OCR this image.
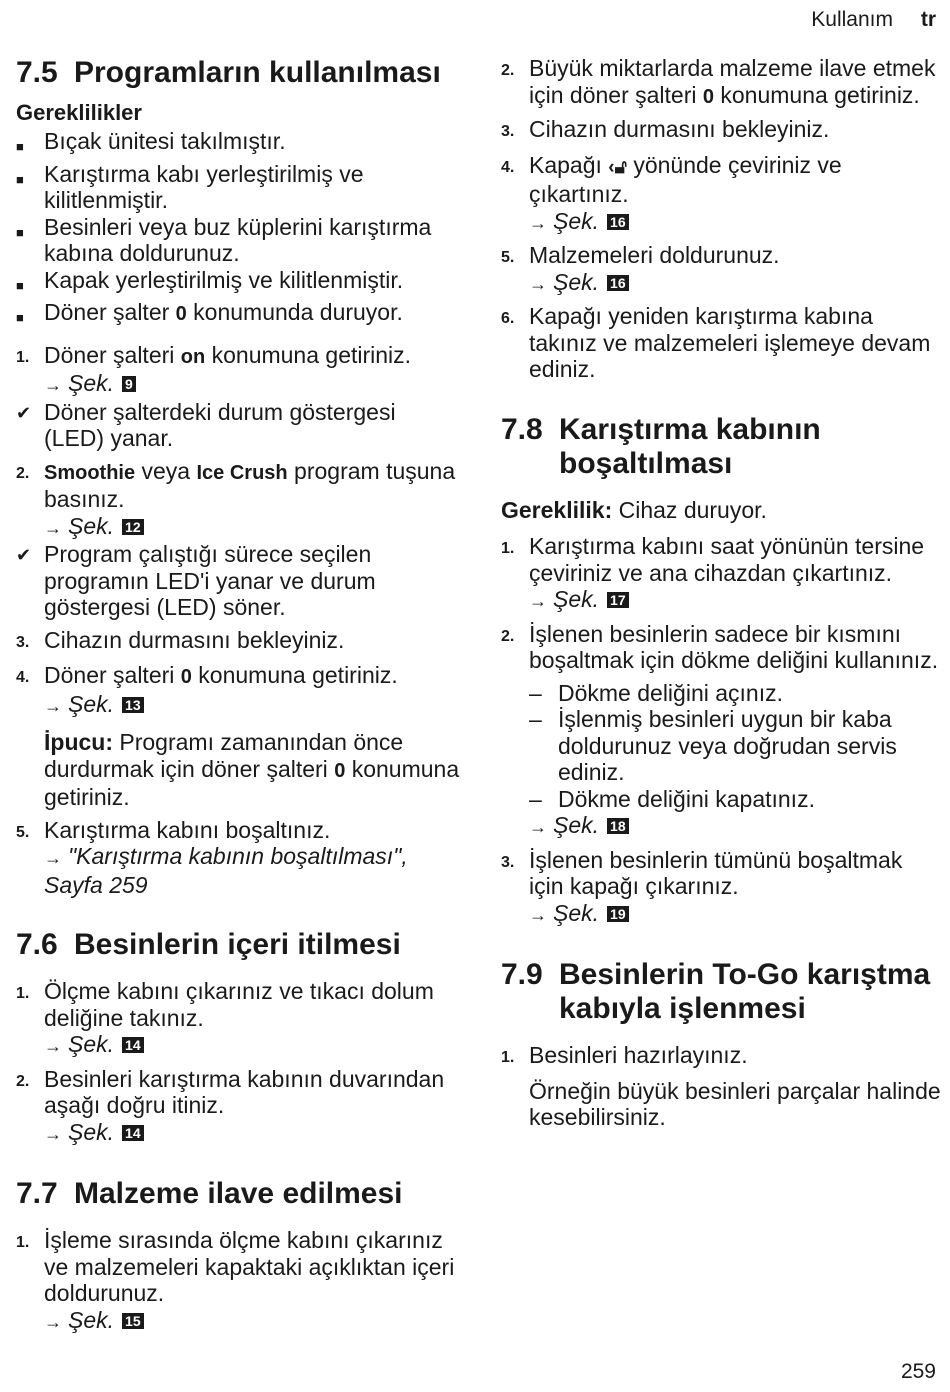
Kullanım tr
7.5 Programların kullanılması
Gereklilikler
■ Bıçak ünitesi takılmıştır.
■ Karıştırma kabı yerleştirilmiş ve kilitlenmiştir.
■ Besinleri veya buz küplerini karıştırma kabına doldurunuz.
■ Kapak yerleştirilmiş ve kilitlenmiştir.
■ Döner şalter 0 konumunda duruyor.
1. Döner şalteri on konumuna getiriniz.
→ Şek. 9
✔ Döner şalterdeki durum göstergesi (LED) yanar.
2. Smoothie veya Ice Crush program tuşuna basınız.
→ Şek. 12
✔ Program çalıştığı sürece seçilen programın LED'i yanar ve durum göstergesi (LED) söner.
3. Cihazın durmasını bekleyiniz.
4. Döner şalteri 0 konumuna getiriniz.
→ Şek. 13
İpucu: Programı zamanından önce durdurmak için döner şalteri 0 konumuna getiriniz.
5. Karıştırma kabını boşaltınız.
→ "Karıştırma kabının boşaltılması", Sayfa 259
7.6 Besinlerin içeri itilmesi
1. Ölçme kabını çıkarınız ve tıkacı dolum deliğine takınız.
→ Şek. 14
2. Besinleri karıştırma kabının duvarından aşağı doğru itiniz.
→ Şek. 14
7.7 Malzeme ilave edilmesi
1. İşleme sırasında ölçme kabını çıkarınız ve malzemeleri kapaktaki açıklıktan içeri doldurunuz.
→ Şek. 15
2. Büyük miktarlarda malzeme ilave etmek için döner şalteri 0 konumuna getiriniz.
3. Cihazın durmasını bekleyiniz.
4. Kapağı ‹🔓︎ yönünde çeviriniz ve çıkartınız.
→ Şek. 16
5. Malzemeleri doldurunuz.
→ Şek. 16
6. Kapağı yeniden karıştırma kabına takınız ve malzemeleri işlemeye devam ediniz.
7.8 Karıştırma kabının boşaltılması
Gereklilik: Cihaz duruyor.
1. Karıştırma kabını saat yönünün tersine çeviriniz ve ana cihazdan çıkartınız.
→ Şek. 17
2. İşlenen besinlerin sadece bir kısmını boşaltmak için dökme deliğini kullanınız.
– Dökme deliğini açınız.
– İşlenmiş besinleri uygun bir kaba doldurunuz veya doğrudan servis ediniz.
– Dökme deliğini kapatınız.
→ Şek. 18
3. İşlenen besinlerin tümünü boşaltmak için kapağı çıkarınız.
→ Şek. 19
7.9 Besinlerin To-Go karıştma kabıyla işlenmesi
1. Besinleri hazırlayınız.
Örneğin büyük besinleri parçalar halinde kesebilirsiniz.
259
